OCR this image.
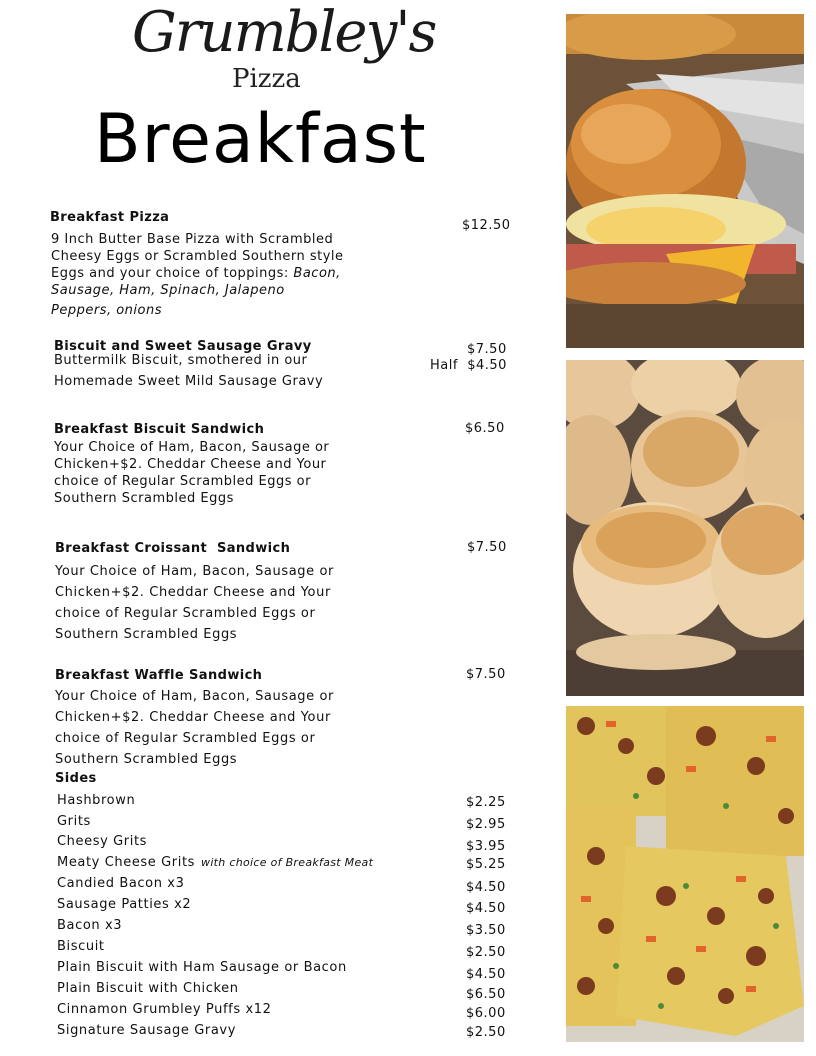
Grumbley's
Pizza
Breakfast
Breakfast Pizza
$12.50
9 Inch Butter Base Pizza with Scrambled
Cheesy Eggs or Scrambled Southern style
Eggs and your choice of toppings: Bacon,
Sausage, Ham, Spinach, Jalapeno
Peppers, onions
Biscuit and Sweet Sausage Gravy	$7.50
Half  $4.50
Buttermilk Biscuit, smothered in our
Homemade Sweet Mild Sausage Gravy
Breakfast Biscuit Sandwich	$6.50
Your Choice of Ham, Bacon, Sausage or
Chicken+$2. Cheddar Cheese and Your
choice of Regular Scrambled Eggs or
Southern Scrambled Eggs
Breakfast Croissant  Sandwich	$7.50
Your Choice of Ham, Bacon, Sausage or
Chicken+$2. Cheddar Cheese and Your
choice of Regular Scrambled Eggs or
Southern Scrambled Eggs
Breakfast Waffle Sandwich	$7.50
Your Choice of Ham, Bacon, Sausage or
Chicken+$2. Cheddar Cheese and Your
choice of Regular Scrambled Eggs or
Southern Scrambled Eggs
Sides
Hashbrown	$2.25
Grits	$2.95
Cheesy Grits	$3.95
Meaty Cheese Grits with choice of Breakfast Meat	$5.25
Candied Bacon x3	$4.50
Sausage Patties x2	$4.50
Bacon x3	$3.50
Biscuit	$2.50
Plain Biscuit with Ham Sausage or Bacon	$4.50
Plain Biscuit with Chicken	$6.50
Cinnamon Grumbley Puffs x12	$6.00
Signature Sausage Gravy	$2.50
